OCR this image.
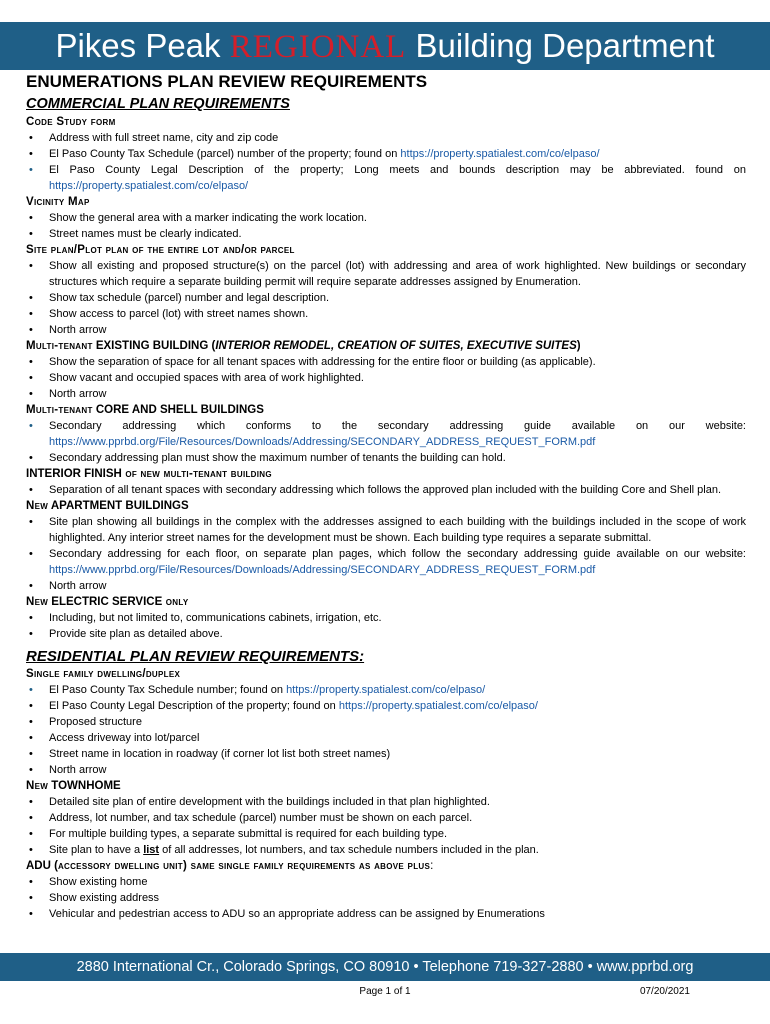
Pikes Peak REGIONAL Building Department
ENUMERATIONS PLAN REVIEW REQUIREMENTS
COMMERCIAL PLAN REQUIREMENTS
Code Study form
• Address with full street name, city and zip code
• El Paso County Tax Schedule (parcel) number of the property; found on https://property.spatialest.com/co/elpaso/
• El Paso County Legal Description of the property; Long meets and bounds description may be abbreviated. found on https://property.spatialest.com/co/elpaso/
Vicinity Map
• Show the general area with a marker indicating the work location.
• Street names must be clearly indicated.
Site plan/Plot plan of the entire lot and/or parcel
• Show all existing and proposed structure(s) on the parcel (lot) with addressing and area of work highlighted. New buildings or secondary structures which require a separate building permit will require separate addresses assigned by Enumeration.
• Show tax schedule (parcel) number and legal description.
• Show access to parcel (lot) with street names shown.
• North arrow
Multi-tenant EXISTING BUILDING (INTERIOR REMODEL, CREATION OF SUITES, EXECUTIVE SUITES)
• Show the separation of space for all tenant spaces with addressing for the entire floor or building (as applicable).
• Show vacant and occupied spaces with area of work highlighted.
• North arrow
Multi-tenant CORE AND SHELL BUILDINGS
• Secondary addressing which conforms to the secondary addressing guide available on our website: https://www.pprbd.org/File/Resources/Downloads/Addressing/SECONDARY_ADDRESS_REQUEST_FORM.pdf
• Secondary addressing plan must show the maximum number of tenants the building can hold.
INTERIOR FINISH of new multi-tenant building
• Separation of all tenant spaces with secondary addressing which follows the approved plan included with the building Core and Shell plan.
New APARTMENT BUILDINGS
• Site plan showing all buildings in the complex with the addresses assigned to each building with the buildings included in the scope of work highlighted. Any interior street names for the development must be shown. Each building type requires a separate submittal.
• Secondary addressing for each floor, on separate plan pages, which follow the secondary addressing guide available on our website: https://www.pprbd.org/File/Resources/Downloads/Addressing/SECONDARY_ADDRESS_REQUEST_FORM.pdf
• North arrow
New ELECTRIC SERVICE only
• Including, but not limited to, communications cabinets, irrigation, etc.
• Provide site plan as detailed above.
RESIDENTIAL PLAN REVIEW REQUIREMENTS:
Single family dwelling/duplex
• El Paso County Tax Schedule number; found on https://property.spatialest.com/co/elpaso/
• El Paso County Legal Description of the property; found on https://property.spatialest.com/co/elpaso/
• Proposed structure
• Access driveway into lot/parcel
• Street name in location in roadway (if corner lot list both street names)
• North arrow
New TOWNHOME
• Detailed site plan of entire development with the buildings included in that plan highlighted.
• Address, lot number, and tax schedule (parcel) number must be shown on each parcel.
• For multiple building types, a separate submittal is required for each building type.
• Site plan to have a list of all addresses, lot numbers, and tax schedule numbers included in the plan.
ADU (accessory dwelling unit) same single family requirements as above plus:
• Show existing home
• Show existing address
• Vehicular and pedestrian access to ADU so an appropriate address can be assigned by Enumerations
2880 International Cr., Colorado Springs, CO 80910 • Telephone 719-327-2880 • www.pprbd.org
Page 1 of 1	07/20/2021
